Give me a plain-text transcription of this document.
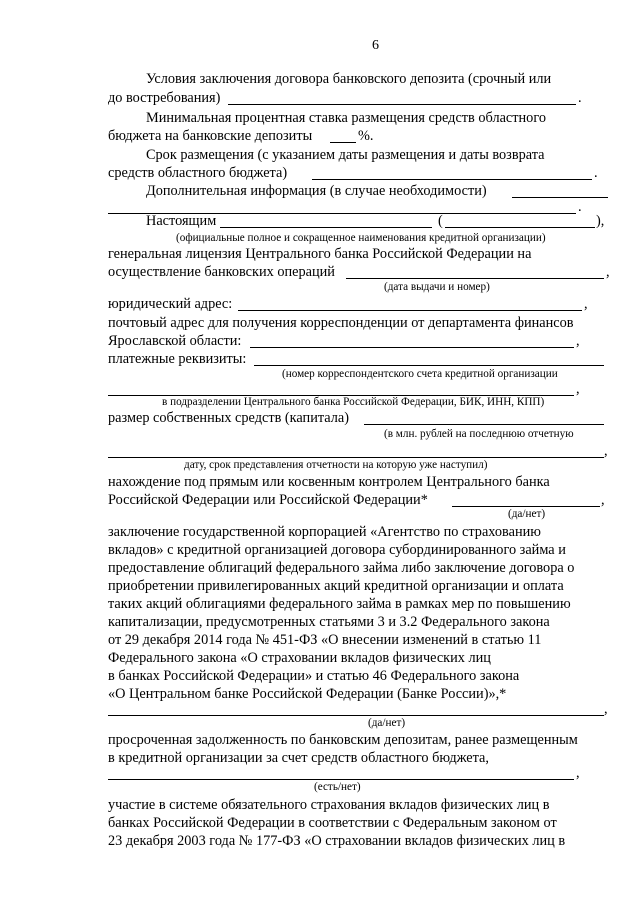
6
Условия заключения договора банковского депозита (срочный или
до востребования)	.
Минимальная процентная ставка размещения средств областного
бюджета на банковские депозиты	%.
Срок размещения (с указанием даты размещения и даты возврата
средств областного бюджета)	.
Дополнительная информация (в случае необходимости)
.
Настоящим	(	),
(официальные полное и сокращенное наименования кредитной организации)
генеральная лицензия Центрального банка Российской Федерации на
осуществление банковских операций	,
(дата выдачи и номер)
юридический адрес:	,
почтовый адрес для получения корреспонденции от департамента финансов
Ярославской области:	,
платежные реквизиты:
(номер корреспондентского счета кредитной организации
,
в подразделении Центрального банка Российской Федерации, БИК, ИНН, КПП)
размер собственных средств (капитала)
(в млн. рублей на последнюю отчетную
,
дату, срок представления отчетности на которую уже наступил)
нахождение под прямым или косвенным контролем Центрального банка
Российской Федерации или Российской Федерации*	,
(да/нет)
заключение государственной корпорацией «Агентство по страхованию
вкладов» с кредитной организацией договора субординированного займа и
предоставление облигаций федерального займа либо заключение договора о
приобретении привилегированных акций кредитной организации и оплата
таких акций облигациями федерального займа в рамках мер по повышению
капитализации, предусмотренных статьями 3 и 3.2 Федерального закона
от 29 декабря 2014 года № 451-ФЗ «О внесении изменений в статью 11
Федерального закона «О страховании вкладов физических лиц
в банках Российской Федерации» и статью 46 Федерального закона
«О Центральном банке Российской Федерации (Банке России)»,*
,
(да/нет)
просроченная задолженность по банковским депозитам, ранее размещенным
в кредитной организации за счет средств областного бюджета,
,
(есть/нет)
участие в системе обязательного страхования вкладов физических лиц в
банках Российской Федерации в соответствии с Федеральным законом от
23 декабря 2003 года № 177-ФЗ «О страховании вкладов физических лиц в
